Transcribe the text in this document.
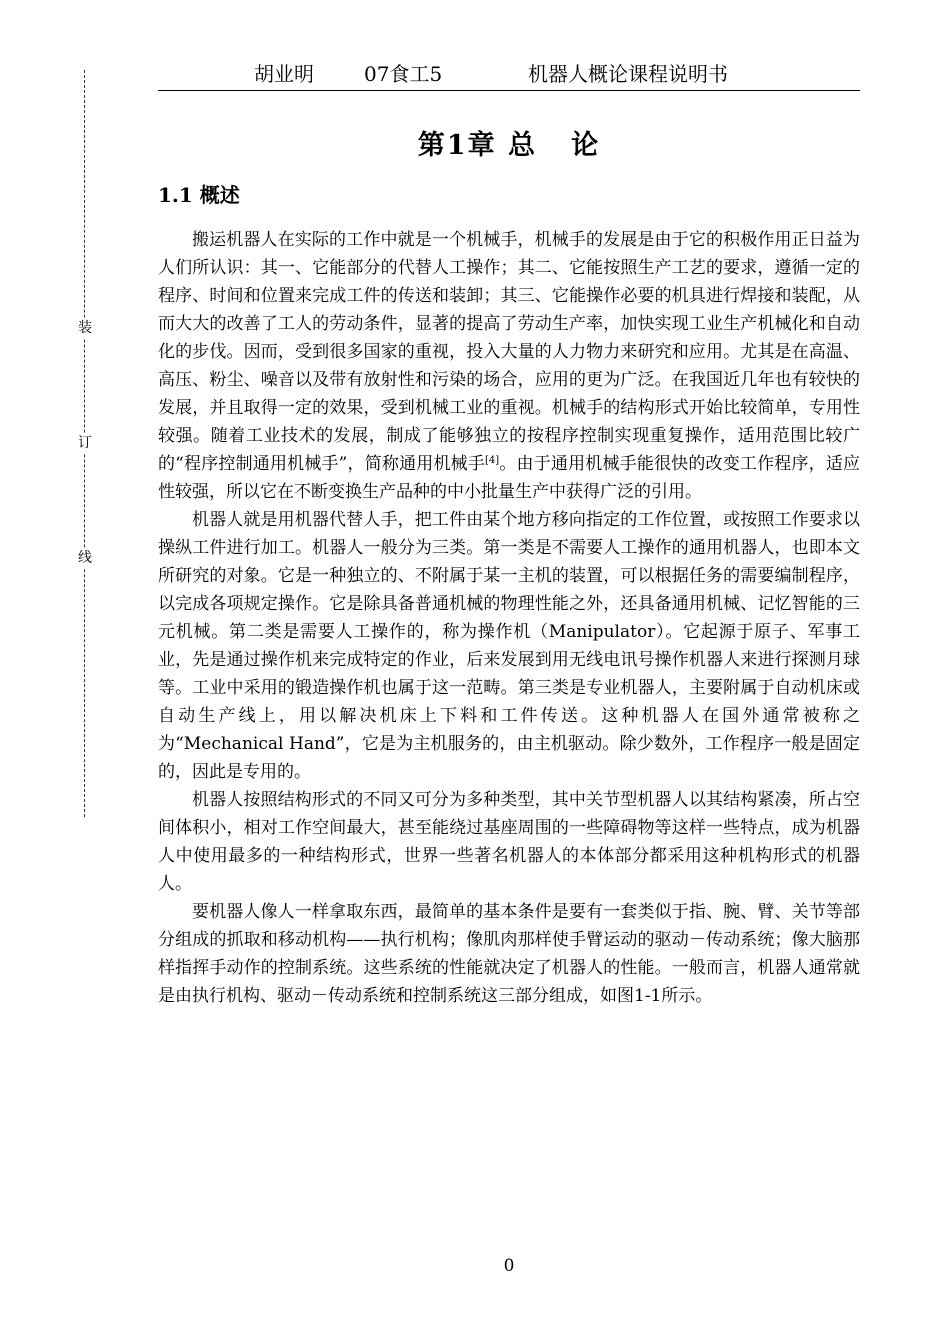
装
订
线
胡业明	07食工5	机器人概论课程说明书
第1章 总   论
1.1 概述

搬运机器人在实际的工作中就是一个机械手，机械手的发展是由于它的积极作用正日益为人们所认识：其一、它能部分的代替人工操作；其二、它能按照生产工艺的要求，遵循一定的程序、时间和位置来完成工件的传送和装卸；其三、它能操作必要的机具进行焊接和装配，从而大大的改善了工人的劳动条件，显著的提高了劳动生产率，加快实现工业生产机械化和自动化的步伐。因而，受到很多国家的重视，投入大量的人力物力来研究和应用。尤其是在高温、高压、粉尘、噪音以及带有放射性和污染的场合，应用的更为广泛。在我国近几年也有较快的发展，并且取得一定的效果，受到机械工业的重视。机械手的结构形式开始比较简单，专用性较强。随着工业技术的发展，制成了能够独立的按程序控制实现重复操作，适用范围比较广的“程序控制通用机械手”，简称通用机械手[4]。由于通用机械手能很快的改变工作程序，适应性较强，所以它在不断变换生产品种的中小批量生产中获得广泛的引用。

机器人就是用机器代替人手，把工件由某个地方移向指定的工作位置，或按照工作要求以操纵工件进行加工。机器人一般分为三类。第一类是不需要人工操作的通用机器人，也即本文所研究的对象。它是一种独立的、不附属于某一主机的装置，可以根据任务的需要编制程序，以完成各项规定操作。它是除具备普通机械的物理性能之外，还具备通用机械、记忆智能的三元机械。第二类是需要人工操作的，称为操作机（Manipulator）。它起源于原子、军事工业，先是通过操作机来完成特定的作业，后来发展到用无线电讯号操作机器人来进行探测月球等。工业中采用的锻造操作机也属于这一范畴。第三类是专业机器人，主要附属于自动机床或自动生产线上，用以解决机床上下料和工件传送。这种机器人在国外通常被称之为“Mechanical Hand”，它是为主机服务的，由主机驱动。除少数外，工作程序一般是固定的，因此是专用的。

机器人按照结构形式的不同又可分为多种类型，其中关节型机器人以其结构紧凑，所占空间体积小，相对工作空间最大，甚至能绕过基座周围的一些障碍物等这样一些特点，成为机器人中使用最多的一种结构形式，世界一些著名机器人的本体部分都采用这种机构形式的机器人。

要机器人像人一样拿取东西，最简单的基本条件是要有一套类似于指、腕、臂、关节等部分组成的抓取和移动机构——执行机构；像肌肉那样使手臂运动的驱动－传动系统；像大脑那样指挥手动作的控制系统。这些系统的性能就决定了机器人的性能。一般而言，机器人通常就是由执行机构、驱动－传动系统和控制系统这三部分组成，如图1-1所示。

0
